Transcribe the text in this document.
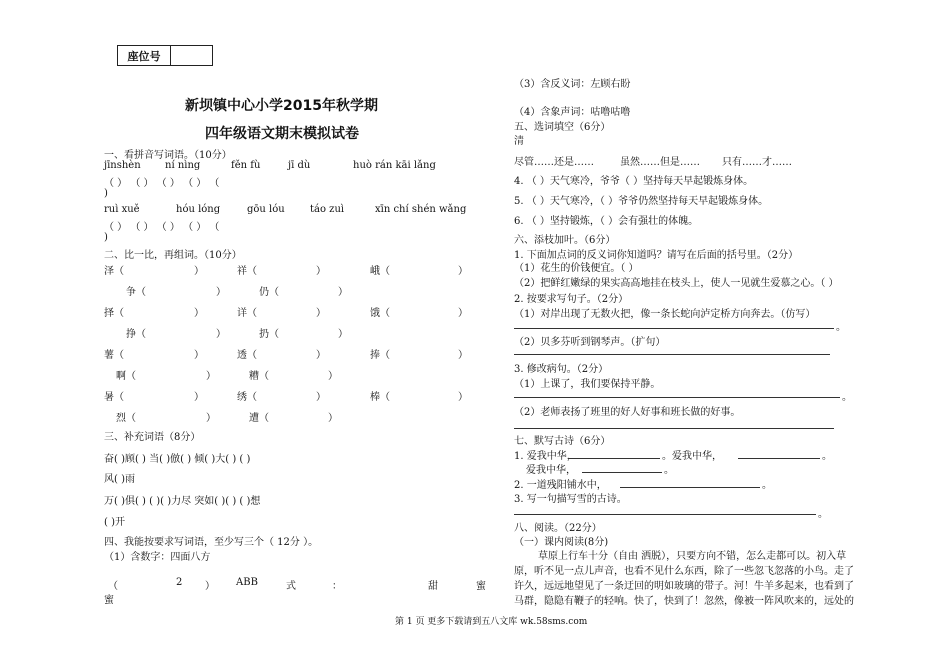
座位号
新坝镇中心小学2015年秋学期
四年级语文期末模拟试卷
一、看拼音写词语。（10分）
jīnshèn ní nìng	fěn fù	jī dù	huò rán kāi lǎng
（ ） （ ） （ ） （ ） （
)
ruì xuě	hóu lóng	gōu lóu	táo zuì	xīn chí shén wǎng
（ ） （ ） （ ） （ ） （
)
二、比一比，再组词。（10分）
泽（	）	祥（	）	峨（	）
争（	）	仍（	）
择（	）	详（	）	饿（	）
挣（	）	扔（	）
薯（	）	透（	）	捧（	）
啊（	）	糟（	）
暑（	）	绣（	）	棒（	）
烈（	）	遭（	）
三、补充词语（8分）
奋( )顾( ) 当( )倣( ) 倾( )大( ) ( )
风( )雨
万( )俱( ) ( )( )力尽 突如( )( ) ( )想
( )开
四、我能按要求写词语，至少写三个（ 12分 ）。
（1）含数字：四面八方
（	2 ） ABB	式	：	甜	蜜
蜜
（3）含反义词：左顾右盼
（4）含象声词：咕噜咕噜
五、选词填空（6分）
清
尽管……还是……	虽然……但是…… 只有……才……
4. （ ）天气寒冷，爷爷（ ）坚持每天早起锻炼身体。
5. （ ）天气寒冷，（ ）爷爷仍然坚持每天早起锻炼身体。
6. （ ）坚持锻炼，（ ）会有强壮的体魄。
六、添枝加叶。（6分）
1. 下面加点词的反义词你知道吗？请写在后面的括号里。（2分）
（1）花生的价钱便宜。（ ）
（2）把鲜红嫩绿的果实高高地挂在枝头上，使人一见就生爱慕之心。（ ）
2. 按要求写句子。（2分）
（1）对岸出现了无数火把，像一条长蛇向泸定桥方向奔去。（仿写）
。
（2）贝多芬听到钢琴声。（扩句）
3. 修改病句。（2分）
（1）上课了，我们要保持平静。
。
（2）老师表扬了班里的好人好事和班长做的好事。
七、默写古诗（6分）
1. 爱我中华，	。爱我中华，	。
爱我中华，	。
2. 一道残阳铺水中，	。
3. 写一句描写雪的古诗。
。
八、阅读。（22分）
（一）课内阅读(8分)
草原上行车十分（自由 洒脱），只要方向不错，怎么走都可以。初入草
原，听不见一点儿声音，也看不见什么东西，除了一些忽飞忽落的小鸟。走了
许久，远远地望见了一条迂回的明如玻璃的带子。河！牛羊多起来，也看到了
马群，隐隐有鞭子的轻响。快了，快到了！忽然，像被一阵风吹来的，远处的
第 1 页 更多下载请到五八文库 wk.58sms.com
